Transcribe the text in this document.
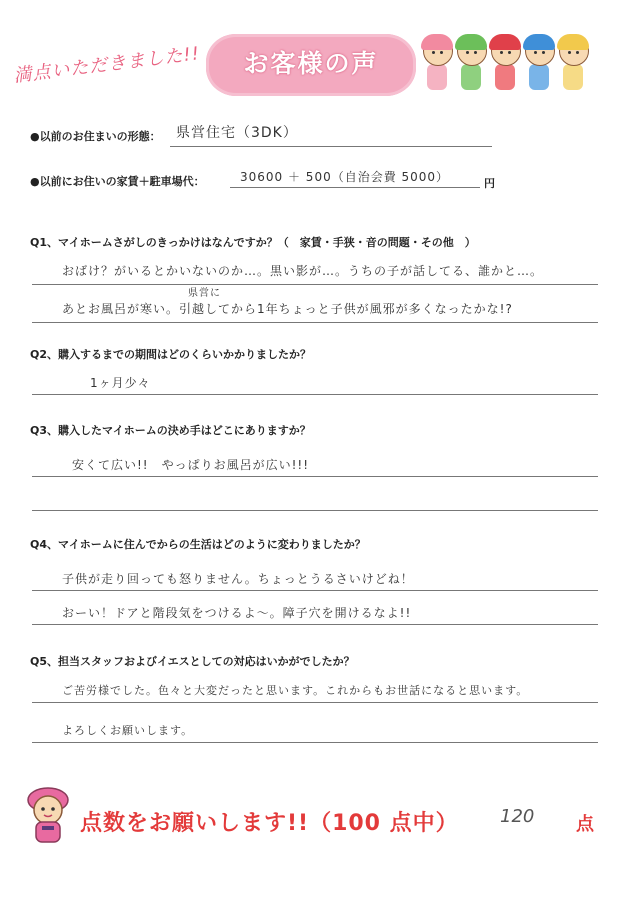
満点いただきました!!	お客様の声
●以前のお住まいの形態： 県営住宅（3DK）
●以前にお住いの家賃＋駐車場代：	30600 ＋ 500（自治会費 5000）	円
Q1、マイホームさがしのきっかけはなんですか？（　家賃・手狭・音の問題・その他　）
おばけ？がいるとかいないのか…。黒い影が…。うちの子が話してる、誰かと…。
県営に
あとお風呂が寒い。引越してから1年ちょっと子供が風邪が多くなったかな!?
Q2、購入するまでの期間はどのくらいかかりましたか？
1ヶ月少々
Q3、購入したマイホームの決め手はどこにありますか？
安くて広い!!　やっぱりお風呂が広い!!!
Q4、マイホームに住んでからの生活はどのように変わりましたか？
子供が走り回っても怒りません。ちょっとうるさいけどね！
おーい！ドアと階段気をつけるよ〜。障子穴を開けるなよ!!
Q5、担当スタッフおよびイエスとしての対応はいかがでしたか？
ご苦労様でした。色々と大変だったと思います。これからもお世話になると思います。
よろしくお願いします。
点数をお願いします!!（100 点中） 120 点
